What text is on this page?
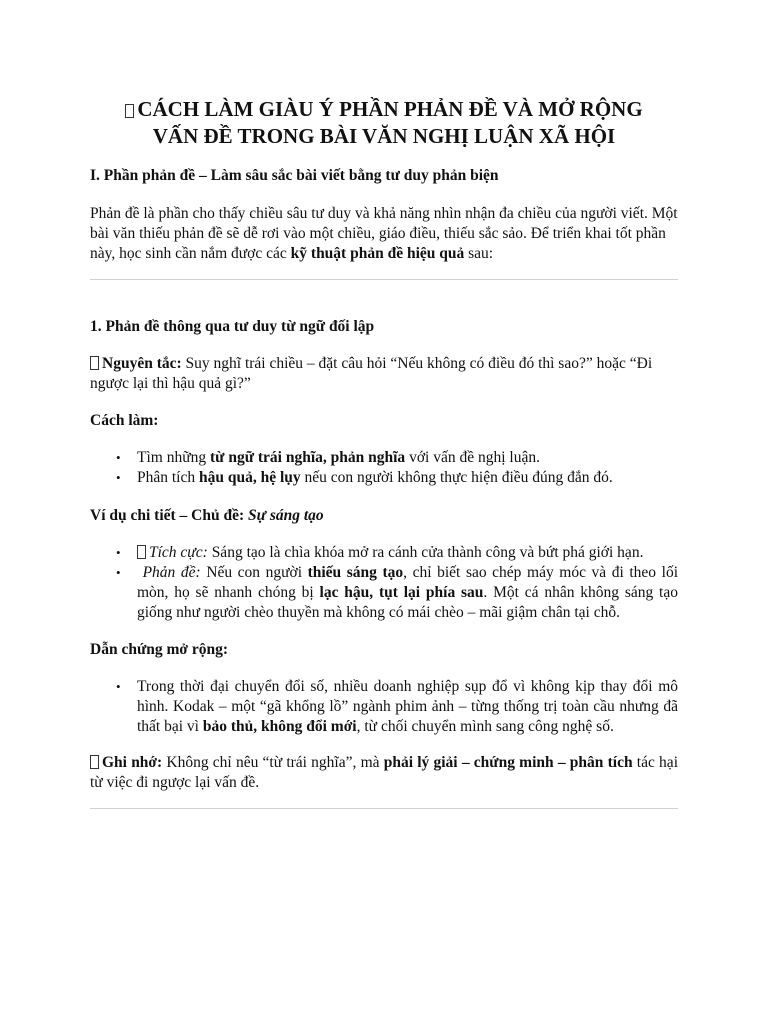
CÁCH LÀM GIÀU Ý PHẦN PHẢN ĐỀ VÀ MỞ RỘNG
VẤN ĐỀ TRONG BÀI VĂN NGHỊ LUẬN XÃ HỘI

I. Phần phản đề – Làm sâu sắc bài viết bằng tư duy phản biện

Phản đề là phần cho thấy chiều sâu tư duy và khả năng nhìn nhận đa chiều của người viết. Một bài văn thiếu phản đề sẽ dễ rơi vào một chiều, giáo điều, thiếu sắc sảo. Để triển khai tốt phần này, học sinh cần nắm được các kỹ thuật phản đề hiệu quả sau:

1. Phản đề thông qua tư duy từ ngữ đối lập

Nguyên tắc: Suy nghĩ trái chiều – đặt câu hỏi “Nếu không có điều đó thì sao?” hoặc “Đi ngược lại thì hậu quả gì?”

Cách làm:

• Tìm những từ ngữ trái nghĩa, phản nghĩa với vấn đề nghị luận.

• Phân tích hậu quả, hệ lụy nếu con người không thực hiện điều đúng đắn đó.

Ví dụ chi tiết – Chủ đề: Sự sáng tạo

•	Tích cực: Sáng tạo là chìa khóa mở ra cánh cửa thành công và bứt phá giới hạn.

•	Phản đề: Nếu con người thiếu sáng tạo, chỉ biết sao chép máy móc và đi theo lối mòn, họ sẽ nhanh chóng bị lạc hậu, tụt lại phía sau. Một cá nhân không sáng tạo giống như người chèo thuyền mà không có mái chèo – mãi giậm chân tại chỗ.

Dẫn chứng mở rộng:

• Trong thời đại chuyển đổi số, nhiều doanh nghiệp sụp đổ vì không kịp thay đổi mô hình. Kodak – một “gã khổng lồ” ngành phim ảnh – từng thống trị toàn cầu nhưng đã thất bại vì bảo thủ, không đổi mới, từ chối chuyển mình sang công nghệ số.

Ghi nhớ: Không chỉ nêu “từ trái nghĩa”, mà phải lý giải – chứng minh – phân tích tác hại từ việc đi ngược lại vấn đề.
